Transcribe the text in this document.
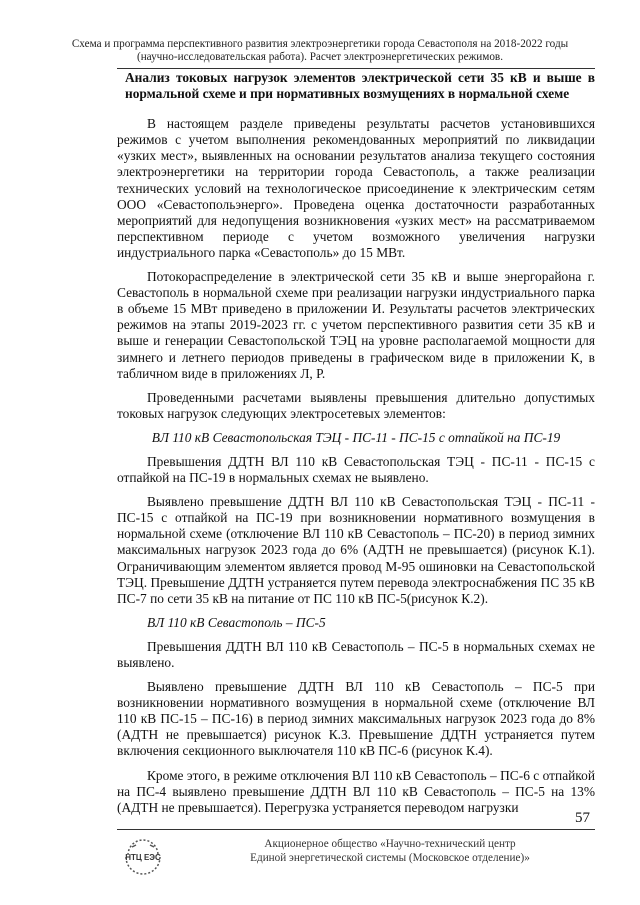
Схема и программа перспективного развития электроэнергетики города Севастополя на 2018-2022 годы
(научно-исследовательская работа). Расчет электроэнергетических режимов.
Анализ токовых нагрузок элементов электрической сети 35 кВ и выше в нормальной схеме и при нормативных возмущениях в нормальной схеме

В настоящем разделе приведены результаты расчетов установившихся режимов с учетом выполнения рекомендованных мероприятий по ликвидации «узких мест», выявленных на основании результатов анализа текущего состояния электроэнергетики на территории города Севастополь, а также реализации технических условий на технологическое присоединение к электрическим сетям ООО «Севастопольэнерго». Проведена оценка достаточности разработанных мероприятий для недопущения возникновения «узких мест» на рассматриваемом перспективном периоде с учетом возможного увеличения нагрузки индустриального парка «Севастополь» до 15 МВт.

Потокораспределение в электрической сети 35 кВ и выше энергорайона г. Севастополь в нормальной схеме при реализации нагрузки индустриального парка в объеме 15 МВт приведено в приложении И. Результаты расчетов электрических режимов на этапы 2019-2023 гг. с учетом перспективного развития сети 35 кВ и выше и генерации Севастопольской ТЭЦ на уровне располагаемой мощности для зимнего и летнего периодов приведены в графическом виде в приложении К, в табличном виде в приложениях Л, Р.

Проведенными расчетами выявлены превышения длительно допустимых токовых нагрузок следующих электросетевых элементов:

ВЛ 110 кВ Севастопольская ТЭЦ - ПС-11 - ПС-15 с отпайкой на ПС-19

Превышения ДДТН ВЛ 110 кВ Севастопольская ТЭЦ - ПС-11 - ПС-15 с отпайкой на ПС-19 в нормальных схемах не выявлено.

Выявлено превышение ДДТН ВЛ 110 кВ Севастопольская ТЭЦ - ПС-11 - ПС-15 с отпайкой на ПС-19 при возникновении нормативного возмущения в нормальной схеме (отключение ВЛ 110 кВ Севастополь – ПС-20) в период зимних максимальных нагрузок 2023 года до 6% (АДТН не превышается) (рисунок К.1). Ограничивающим элементом является провод М-95 ошиновки на Севастопольской ТЭЦ. Превышение ДДТН устраняется путем перевода электроснабжения ПС 35 кВ ПС-7 по сети 35 кВ на питание от ПС 110 кВ ПС-5(рисунок К.2).

ВЛ 110 кВ Севастополь – ПС-5

Превышения ДДТН ВЛ 110 кВ Севастополь – ПС-5 в нормальных схемах не выявлено.

Выявлено превышение ДДТН ВЛ 110 кВ Севастополь – ПС-5 при возникновении нормативного возмущения в нормальной схеме (отключение ВЛ 110 кВ ПС-15 – ПС-16) в период зимних максимальных нагрузок 2023 года до 8% (АДТН не превышается) рисунок К.3. Превышение ДДТН устраняется путем включения секционного выключателя 110 кВ ПС-6 (рисунок К.4).

Кроме этого, в режиме отключения ВЛ 110 кВ Севастополь – ПС-6 с отпайкой на ПС-4 выявлено превышение ДДТН ВЛ 110 кВ Севастополь – ПС-5 на 13% (АДТН не превышается). Перегрузка устраняется переводом нагрузки

57
НТЦ ЕЭС
Акционерное общество «Научно-технический центр
Единой энергетической системы (Московское отделение)»
